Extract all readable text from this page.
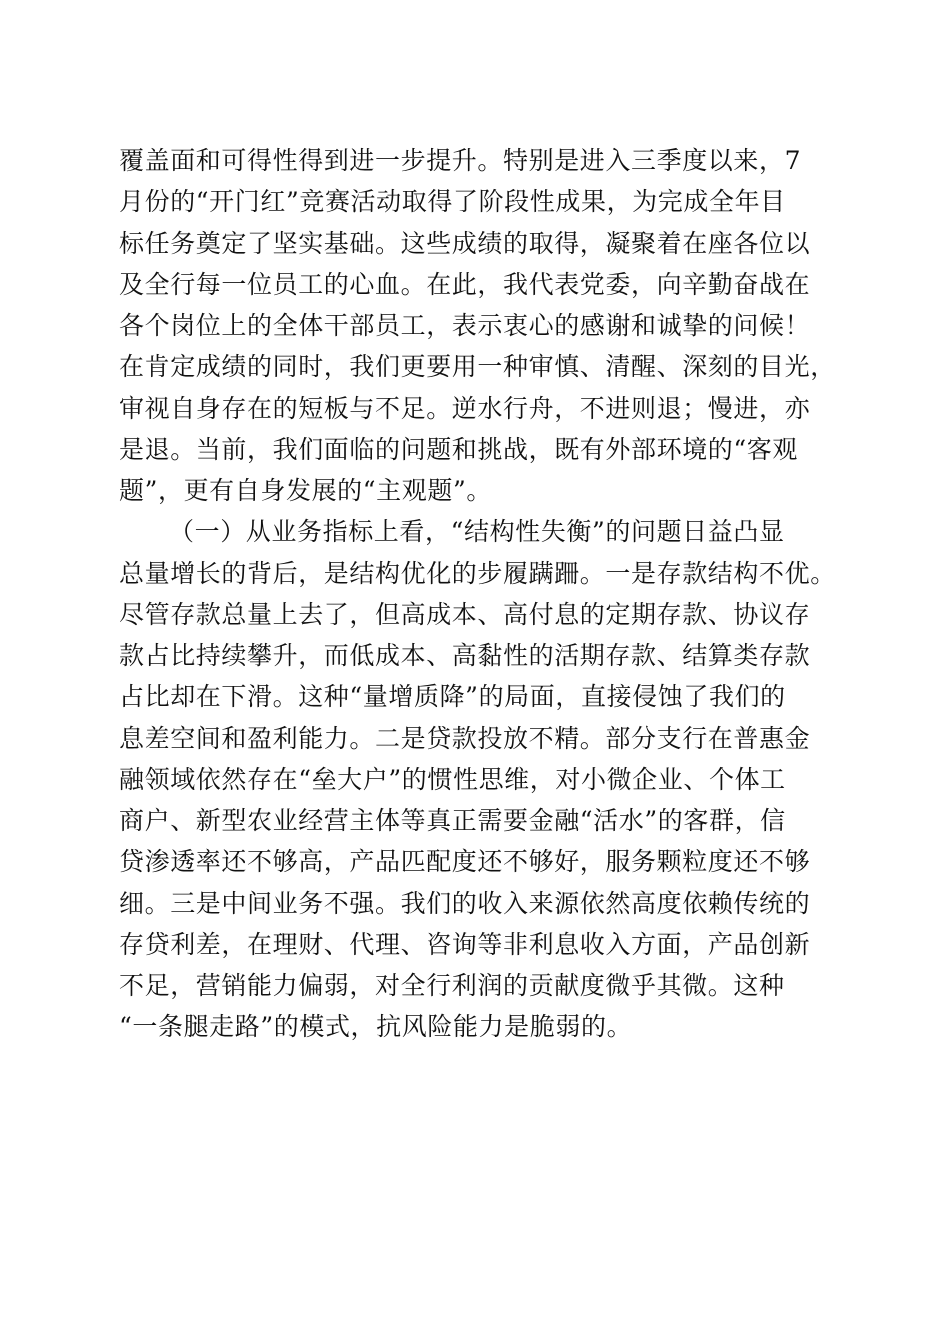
覆盖面和可得性得到进一步提升。特别是进入三季度以来，7
月份的“开门红”竞赛活动取得了阶段性成果，为完成全年目
标任务奠定了坚实基础。这些成绩的取得，凝聚着在座各位以
及全行每一位员工的心血。在此，我代表党委，向辛勤奋战在
各个岗位上的全体干部员工，表示衷心的感谢和诚挚的问候！
在肯定成绩的同时，我们更要用一种审慎、清醒、深刻的目光，
审视自身存在的短板与不足。逆水行舟，不进则退；慢进，亦
是退。当前，我们面临的问题和挑战，既有外部环境的“客观
题”，更有自身发展的“主观题”。
（一）从业务指标上看，“结构性失衡”的问题日益凸显
总量增长的背后，是结构优化的步履蹒跚。一是存款结构不优。
尽管存款总量上去了，但高成本、高付息的定期存款、协议存
款占比持续攀升，而低成本、高黏性的活期存款、结算类存款
占比却在下滑。这种“量增质降”的局面，直接侵蚀了我们的
息差空间和盈利能力。二是贷款投放不精。部分支行在普惠金
融领域依然存在“垒大户”的惯性思维，对小微企业、个体工
商户、新型农业经营主体等真正需要金融“活水”的客群，信
贷渗透率还不够高，产品匹配度还不够好，服务颗粒度还不够
细。三是中间业务不强。我们的收入来源依然高度依赖传统的
存贷利差，在理财、代理、咨询等非利息收入方面，产品创新
不足，营销能力偏弱，对全行利润的贡献度微乎其微。这种
“一条腿走路”的模式，抗风险能力是脆弱的。
